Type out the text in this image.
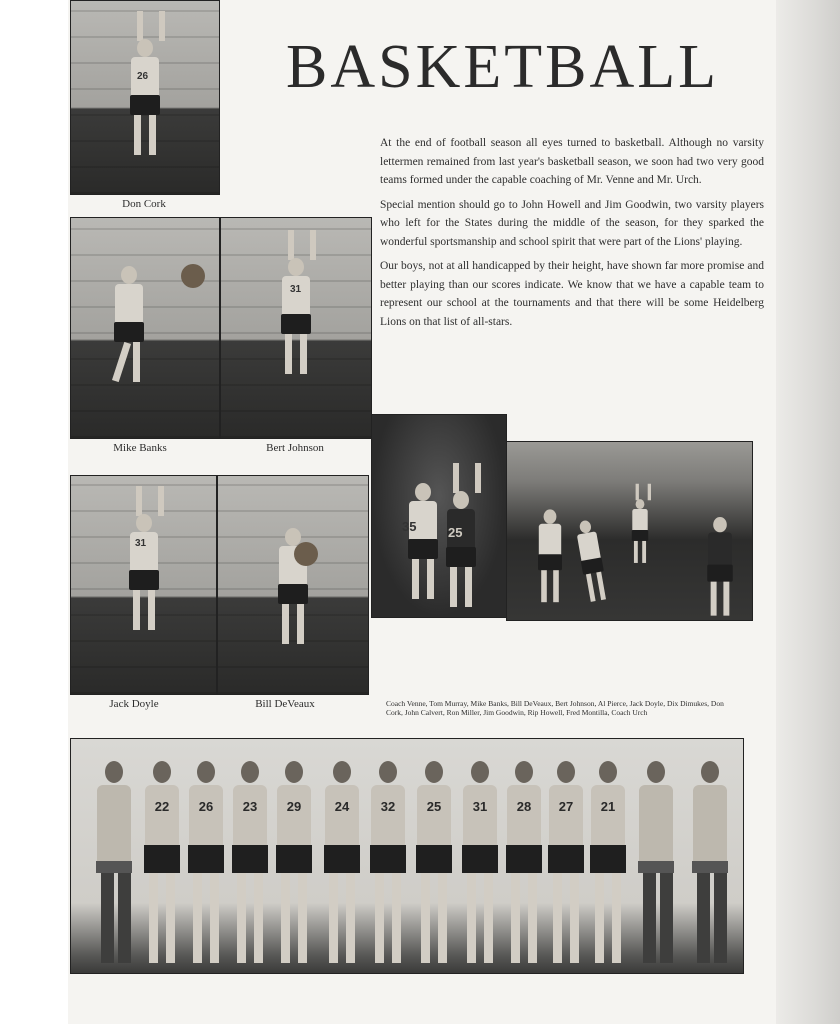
26
Don Cork
Mike Banks
31
Bert Johnson
31
Jack Doyle	Bill DeVeaux
BASKETBALL

At the end of football season all eyes turned to basketball. Although no varsity lettermen remained from last year's basketball season, we soon had two very good teams formed under the capable coaching of Mr. Venne and Mr. Urch.

Special mention should go to John Howell and Jim Goodwin, two varsity players who left for the States during the middle of the season, for they sparked the wonderful sportsmanship and school spirit that were part of the Lions' playing.

Our boys, not at all handicapped by their height, have shown far more promise and better playing than our scores indicate. We know that we have a capable team to represent our school at the tournaments and that there will be some Heidelberg Lions on that list of all-stars.

35 25
Coach Venne, Tom Murray, Mike Banks, Bill DeVeaux, Bert Johnson, Al Pierce, Jack Doyle, Dix Dimukes, Don Cork, John Calvert, Ron Miller, Jim Goodwin, Rip Howell, Fred Montilla, Coach Urch
22	26	23	29	24	32	25	31	28	27	21
